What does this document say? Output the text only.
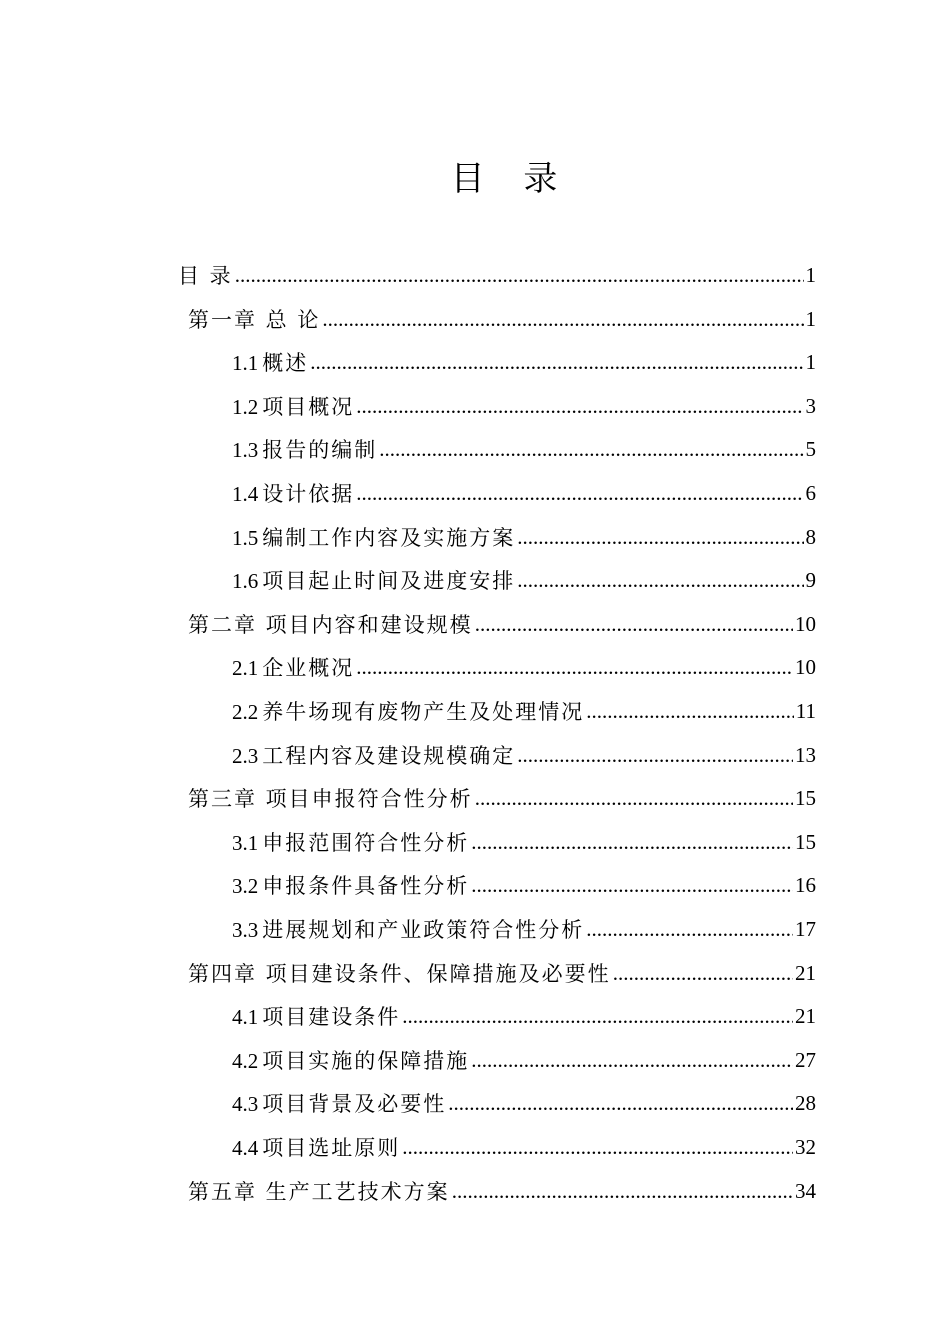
目 录
目 录 .....	1
第一章 总 论 .....	1
1.1 概述 .....	1
1.2 项目概况 .....	3
1.3 报告的编制 .....	5
1.4 设计依据 .....	6
1.5 编制工作内容及实施方案 .....	8
1.6 项目起止时间及进度安排 .....	9
第二章 项目内容和建设规模 .....	10
2.1 企业概况 .....	10
2.2 养牛场现有废物产生及处理情况 .....	11
2.3 工程内容及建设规模确定 .....	13
第三章 项目申报符合性分析 .....	15
3.1 申报范围符合性分析 .....	15
3.2 申报条件具备性分析 .....	16
3.3 进展规划和产业政策符合性分析 .....	17
第四章 项目建设条件、保障措施及必要性 .....	21
4.1 项目建设条件 .....	21
4.2 项目实施的保障措施 .....	27
4.3 项目背景及必要性 .....	28
4.4 项目选址原则 .....	32
第五章 生产工艺技术方案 .....	34
